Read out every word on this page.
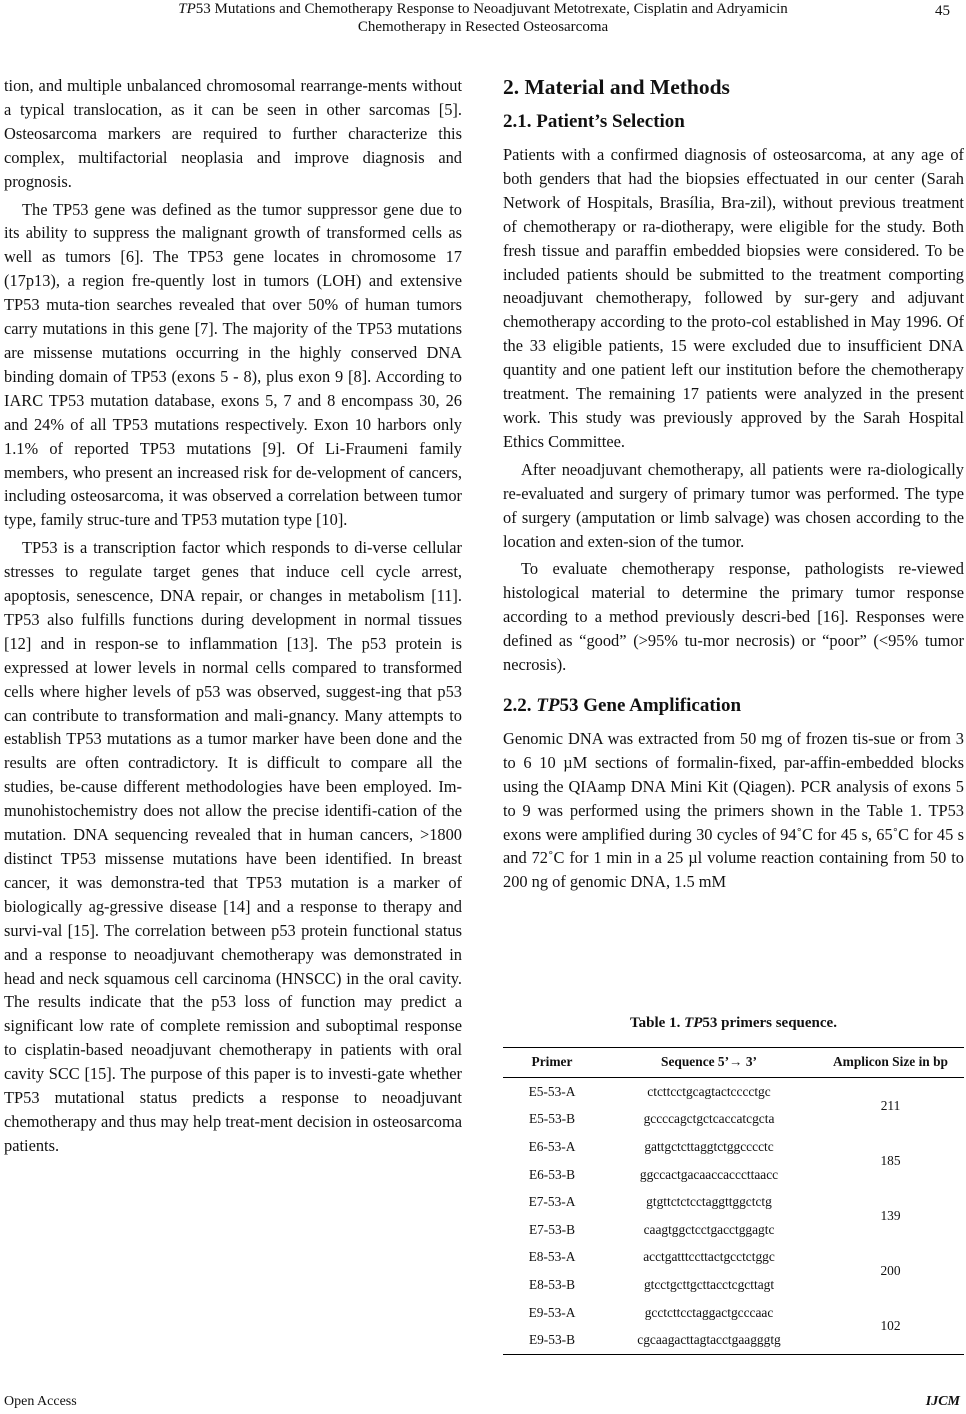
TP53 Mutations and Chemotherapy Response to Neoadjuvant Metotrexate, Cisplatin and Adryamicin
Chemotherapy in Resected Osteosarcoma
45

tion, and multiple unbalanced chromosomal rearrange-ments without a typical translocation, as it can be seen in other sarcomas [5]. Osteosarcoma markers are required to further characterize this complex, multifactorial neoplasia and improve diagnosis and prognosis.

The TP53 gene was defined as the tumor suppressor gene due to its ability to suppress the malignant growth of transformed cells as well as tumors [6]. The TP53 gene locates in chromosome 17 (17p13), a region fre-quently lost in tumors (LOH) and extensive TP53 muta-tion searches revealed that over 50% of human tumors carry mutations in this gene [7]. The majority of the TP53 mutations are missense mutations occurring in the highly conserved DNA binding domain of TP53 (exons 5 - 8), plus exon 9 [8]. According to IARC TP53 mutation database, exons 5, 7 and 8 encompass 30, 26 and 24% of all TP53 mutations respectively. Exon 10 harbors only 1.1% of reported TP53 mutations [9]. Of Li-Fraumeni family members, who present an increased risk for de-velopment of cancers, including osteosarcoma, it was observed a correlation between tumor type, family struc-ture and TP53 mutation type [10].

TP53 is a transcription factor which responds to di-verse cellular stresses to regulate target genes that induce cell cycle arrest, apoptosis, senescence, DNA repair, or changes in metabolism [11]. TP53 also fulfills functions during development in normal tissues [12] and in respon-se to inflammation [13]. The p53 protein is expressed at lower levels in normal cells compared to transformed cells where higher levels of p53 was observed, suggest-ing that p53 can contribute to transformation and mali-gnancy. Many attempts to establish TP53 mutations as a tumor marker have been done and the results are often contradictory. It is difficult to compare all the studies, be-cause different methodologies have been employed. Im-munohistochemistry does not allow the precise identifi-cation of the mutation. DNA sequencing revealed that in human cancers, >1800 distinct TP53 missense mutations have been identified. In breast cancer, it was demonstra-ted that TP53 mutation is a marker of biologically ag-gressive disease [14] and a response to therapy and survi-val [15]. The correlation between p53 protein functional status and a response to neoadjuvant chemotherapy was demonstrated in head and neck squamous cell carcinoma (HNSCC) in the oral cavity. The results indicate that the p53 loss of function may predict a significant low rate of complete remission and suboptimal response to cisplatin-based neoadjuvant chemotherapy in patients with oral cavity SCC [15]. The purpose of this paper is to investi-gate whether TP53 mutational status predicts a response to neoadjuvant chemotherapy and thus may help treat-ment decision in osteosarcoma patients.

2. Material and Methods
2.1. Patient’s Selection

Patients with a confirmed diagnosis of osteosarcoma, at any age of both genders that had the biopsies effectuated in our center (Sarah Network of Hospitals, Brasília, Bra-zil), without previous treatment of chemotherapy or ra-diotherapy, were eligible for the study. Both fresh tissue and paraffin embedded biopsies were considered. To be included patients should be submitted to the treatment comporting neoadjuvant chemotherapy, followed by sur-gery and adjuvant chemotherapy according to the proto-col established in May 1996. Of the 33 eligible patients, 15 were excluded due to insufficient DNA quantity and one patient left our institution before the chemotherapy treatment. The remaining 17 patients were analyzed in the present work. This study was previously approved by the Sarah Hospital Ethics Committee.

After neoadjuvant chemotherapy, all patients were ra-diologically re-evaluated and surgery of primary tumor was performed. The type of surgery (amputation or limb salvage) was chosen according to the location and exten-sion of the tumor.

To evaluate chemotherapy response, pathologists re-viewed histological material to determine the primary tumor response according to a method previously descri-bed [16]. Responses were defined as “good” (>95% tu-mor necrosis) or “poor” (<95% tumor necrosis).

2.2. TP53 Gene Amplification

Genomic DNA was extracted from 50 mg of frozen tis-sue or from 3 to 6 10 µM sections of formalin-fixed, par-affin-embedded blocks using the QIAamp DNA Mini Kit (Qiagen). PCR analysis of exons 5 to 9 was performed using the primers shown in the Table 1. TP53 exons were amplified during 30 cycles of 94˚C for 45 s, 65˚C for 45 s and 72˚C for 1 min in a 25 µl volume reaction containing from 50 to 200 ng of genomic DNA, 1.5 mM

Table 1. TP53 primers sequence.
Primer	Sequence 5’→ 3’	Amplicon Size in bp
E5-53-A	ctcttcctgcagtactcccctgc	211
E5-53-B	gccccagctgctcaccatcgcta	
E6-53-A	gattgctcttaggtctggcccctc	185
E6-53-B	ggccactgacaaccacccttaacc	
E7-53-A	gtgttctctcctaggttggctctg	139
E7-53-B	caagtggctcctgacctggagtc	
E8-53-A	acctgatttccttactgcctctggc	200
E8-53-B	gtcctgcttgcttacctcgcttagt	
E9-53-A	gcctcttcctaggactgcccaac	102
E9-53-B	cgcaagacttagtacctgaagggtg	
Open Access	IJCM
